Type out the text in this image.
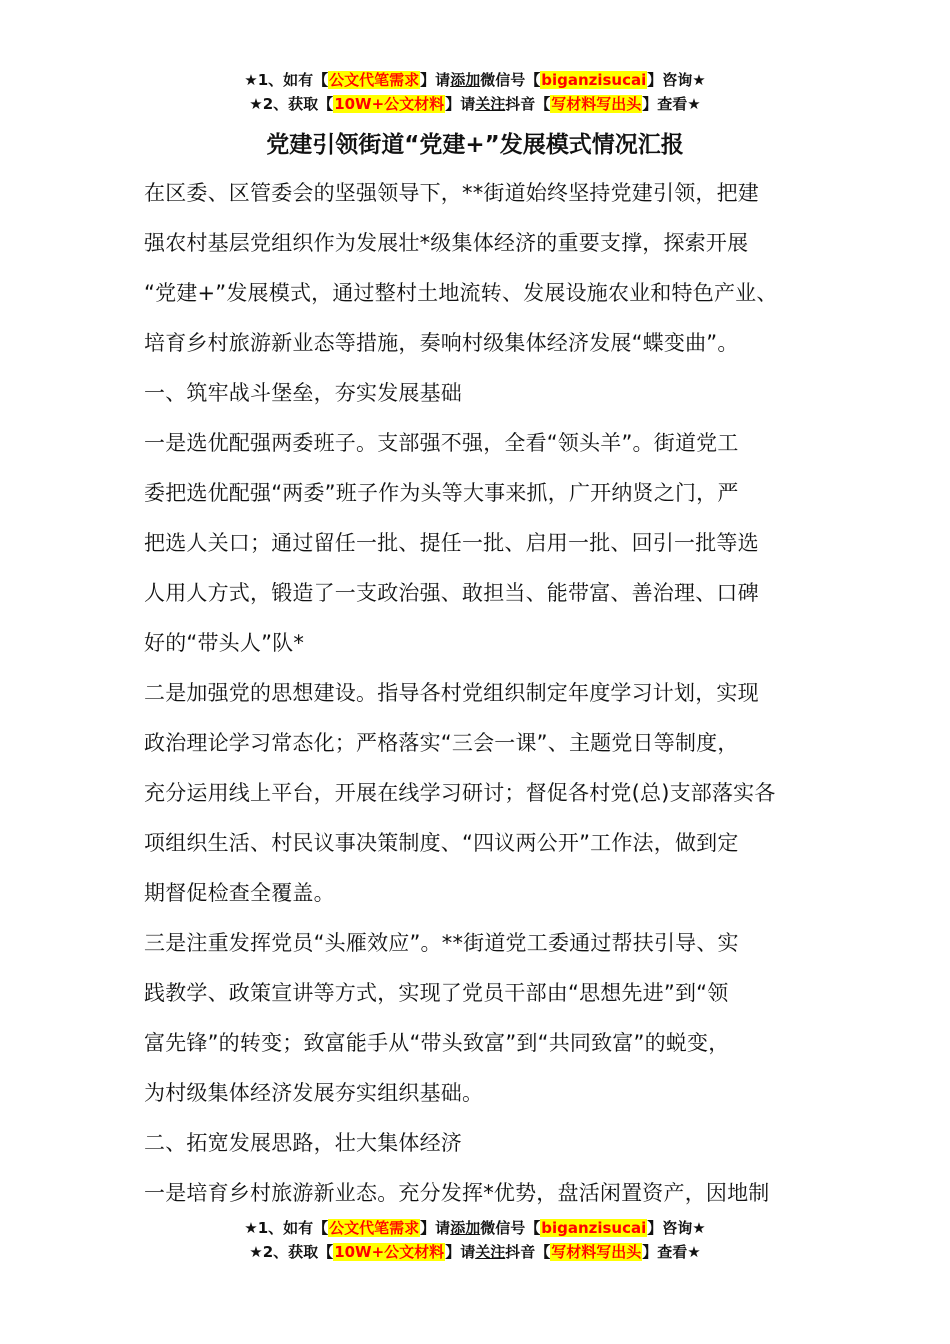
★1、如有【公文代笔需求】请添加微信号【biganzisucai】咨询★
★2、获取【10W+公文材料】请关注抖音【写材料写出头】查看★
党建引领街道“党建+”发展模式情况汇报

在区委、区管委会的坚强领导下，**街道始终坚持党建引领，把建

强农村基层党组织作为发展壮*级集体经济的重要支撑，探索开展

“党建+”发展模式，通过整村土地流转、发展设施农业和特色产业、

培育乡村旅游新业态等措施，奏响村级集体经济发展“蝶变曲”。

一、筑牢战斗堡垒，夯实发展基础

一是选优配强两委班子。支部强不强，全看“领头羊”。街道党工

委把选优配强“两委”班子作为头等大事来抓，广开纳贤之门，严

把选人关口；通过留任一批、提任一批、启用一批、回引一批等选

人用人方式，锻造了一支政治强、敢担当、能带富、善治理、口碑

好的“带头人”队*

二是加强党的思想建设。指导各村党组织制定年度学习计划，实现

政治理论学习常态化；严格落实“三会一课”、主题党日等制度，

充分运用线上平台，开展在线学习研讨；督促各村党(总)支部落实各

项组织生活、村民议事决策制度、“四议两公开”工作法，做到定

期督促检查全覆盖。

三是注重发挥党员“头雁效应”。**街道党工委通过帮扶引导、实

践教学、政策宣讲等方式，实现了党员干部由“思想先进”到“领

富先锋”的转变；致富能手从“带头致富”到“共同致富”的蜕变，

为村级集体经济发展夯实组织基础。

二、拓宽发展思路，壮大集体经济

一是培育乡村旅游新业态。充分发挥*优势，盘活闲置资产，因地制

★1、如有【公文代笔需求】请添加微信号【biganzisucai】咨询★
★2、获取【10W+公文材料】请关注抖音【写材料写出头】查看★
